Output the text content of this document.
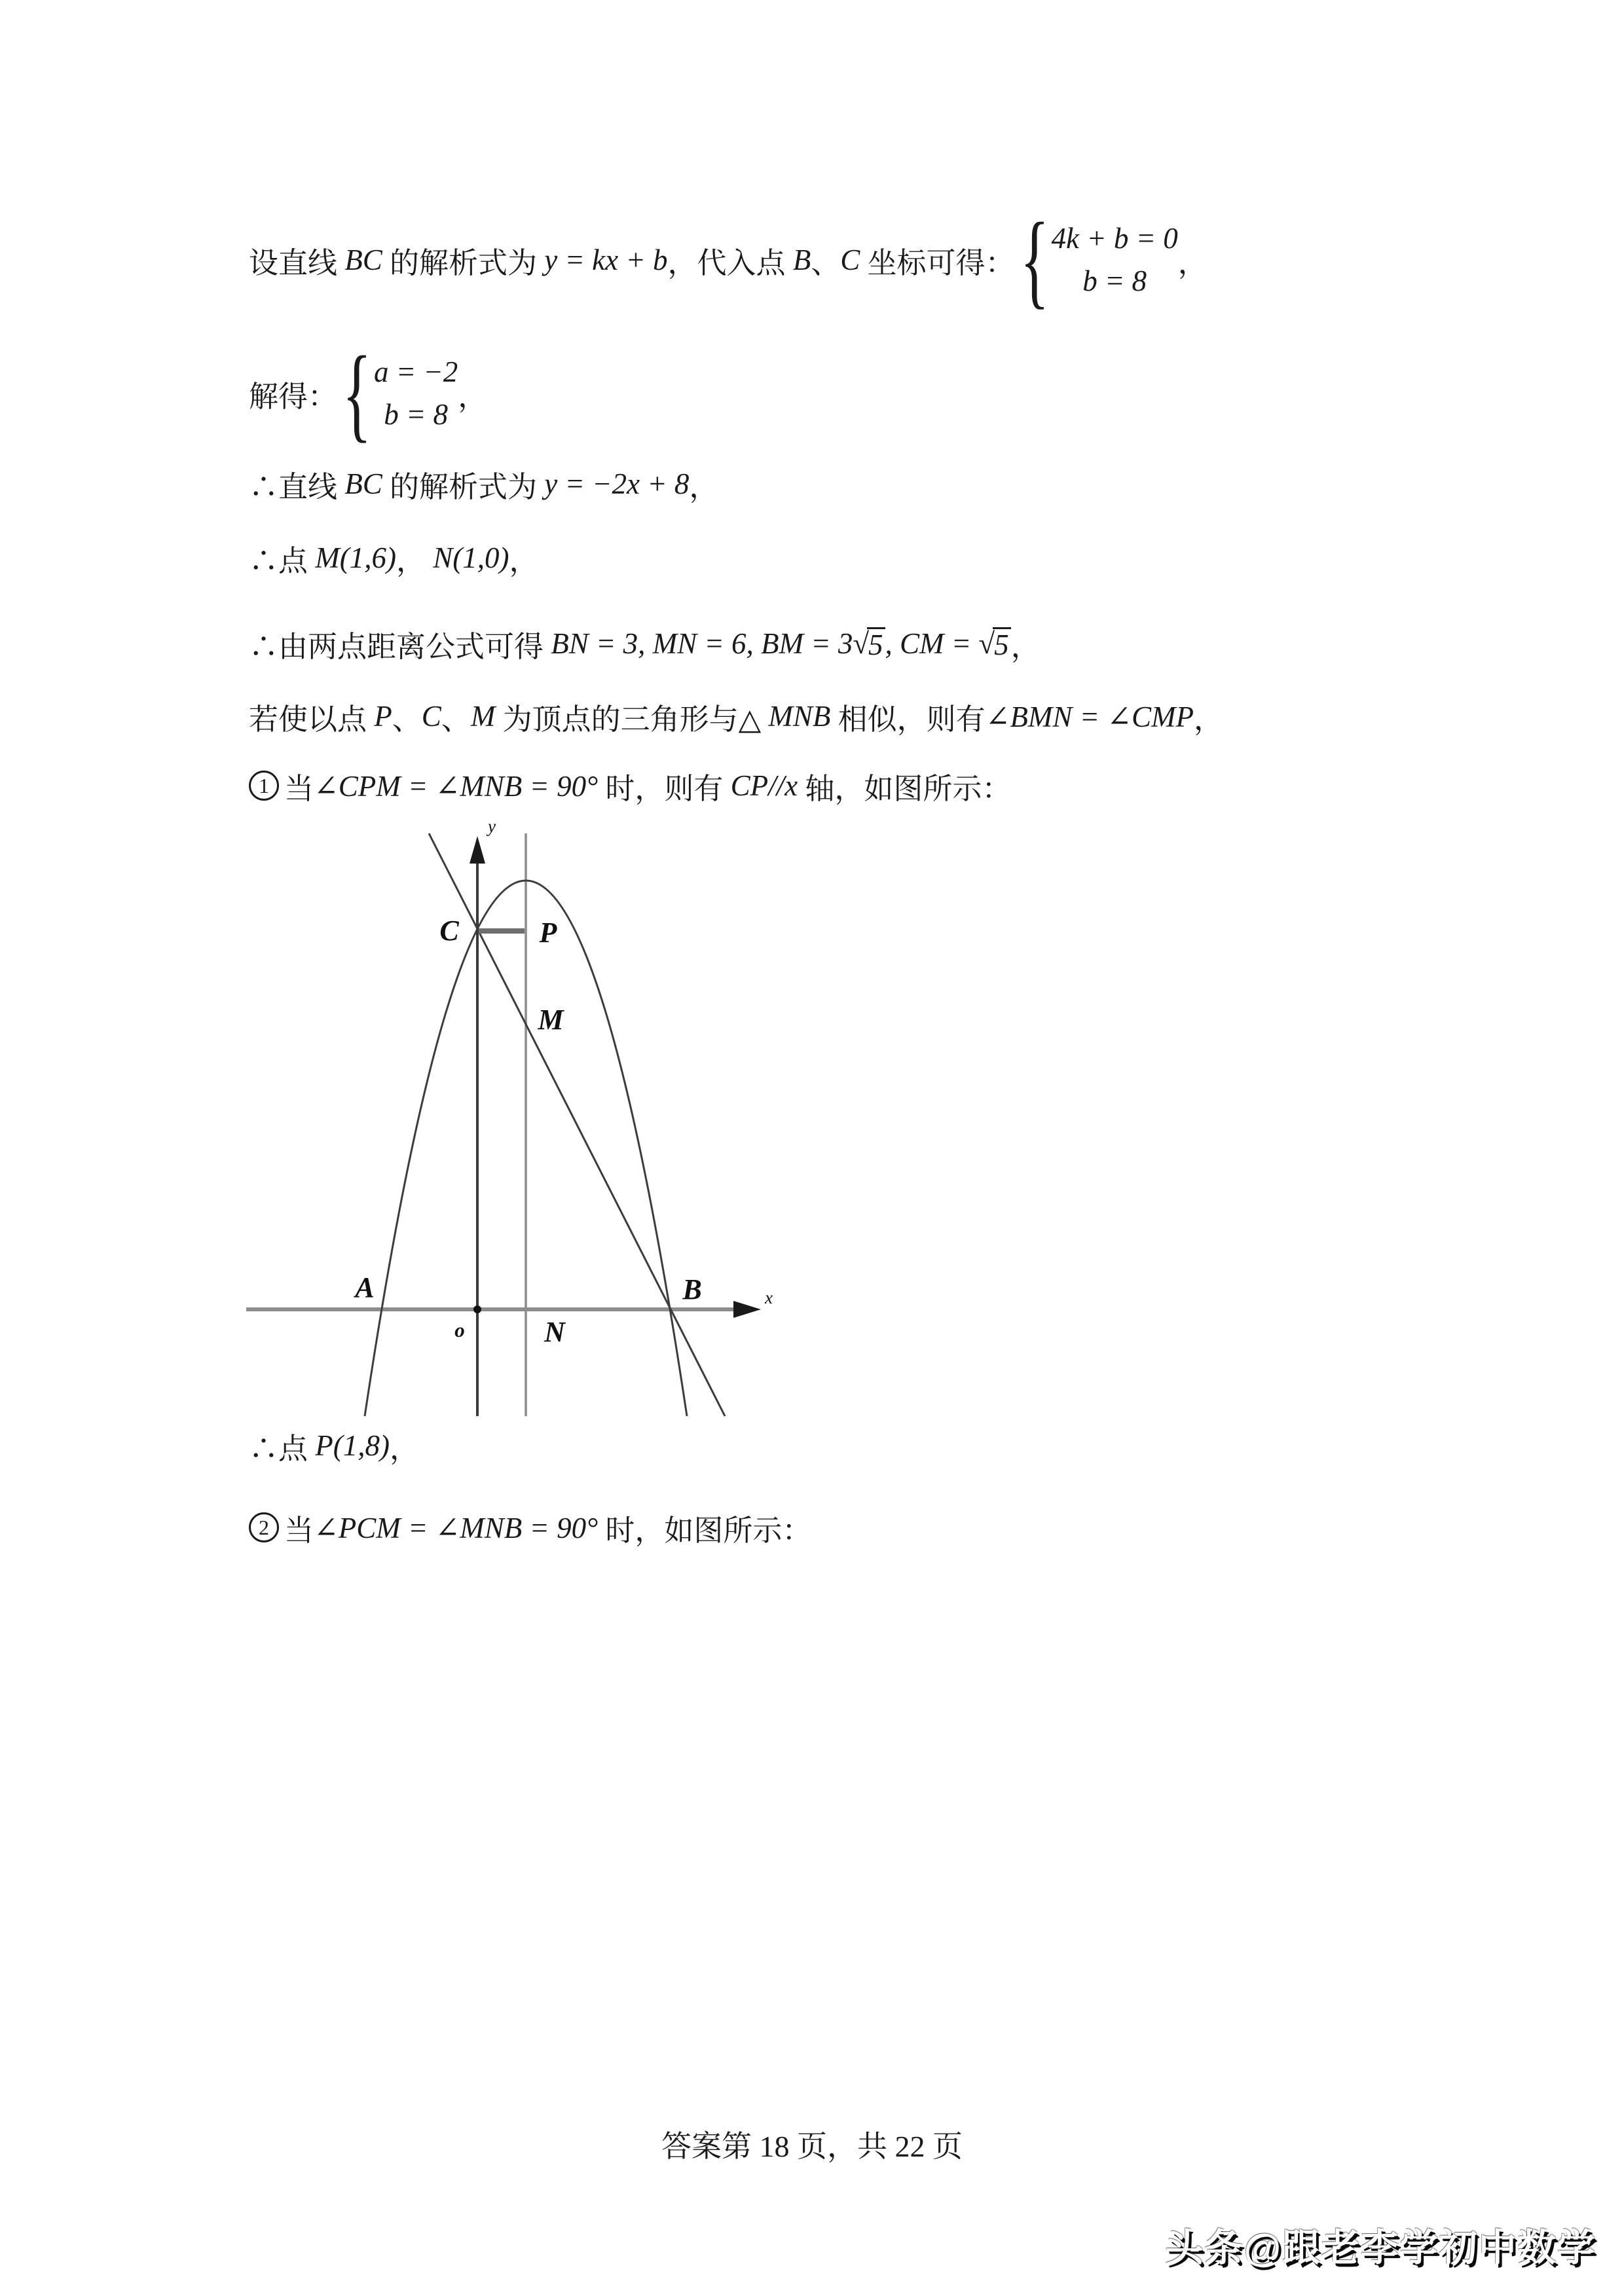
设直线 BC 的解析式为 y = kx + b ，代入点 B 、 C 坐标可得： { 4k + b = 0
b = 8
，
解得： { a = −2
b = 8
，
∴直线 BC 的解析式为 y = −2x + 8 ，
∴点 M (1,6) ， N (1,0) ，
∴由两点距离公式可得 BN = 3, MN = 6, BM = 3 √ 5 , CM = √ 5 ，
若使以点 P 、 C 、 M 为顶点的三角形与△ MNB 相似，则有 ∠BMN = ∠CMP ，
1 当 ∠CPM = ∠MNB = 90° 时，则有 CP//x 轴，如图所示：
C	P
M
A	B
N
o
x
y
∴点 P (1,8) ，
2 当 ∠PCM = ∠MNB = 90° 时，如图所示：
答案第 18 页，共 22 页
头条@跟老李学初中数学
